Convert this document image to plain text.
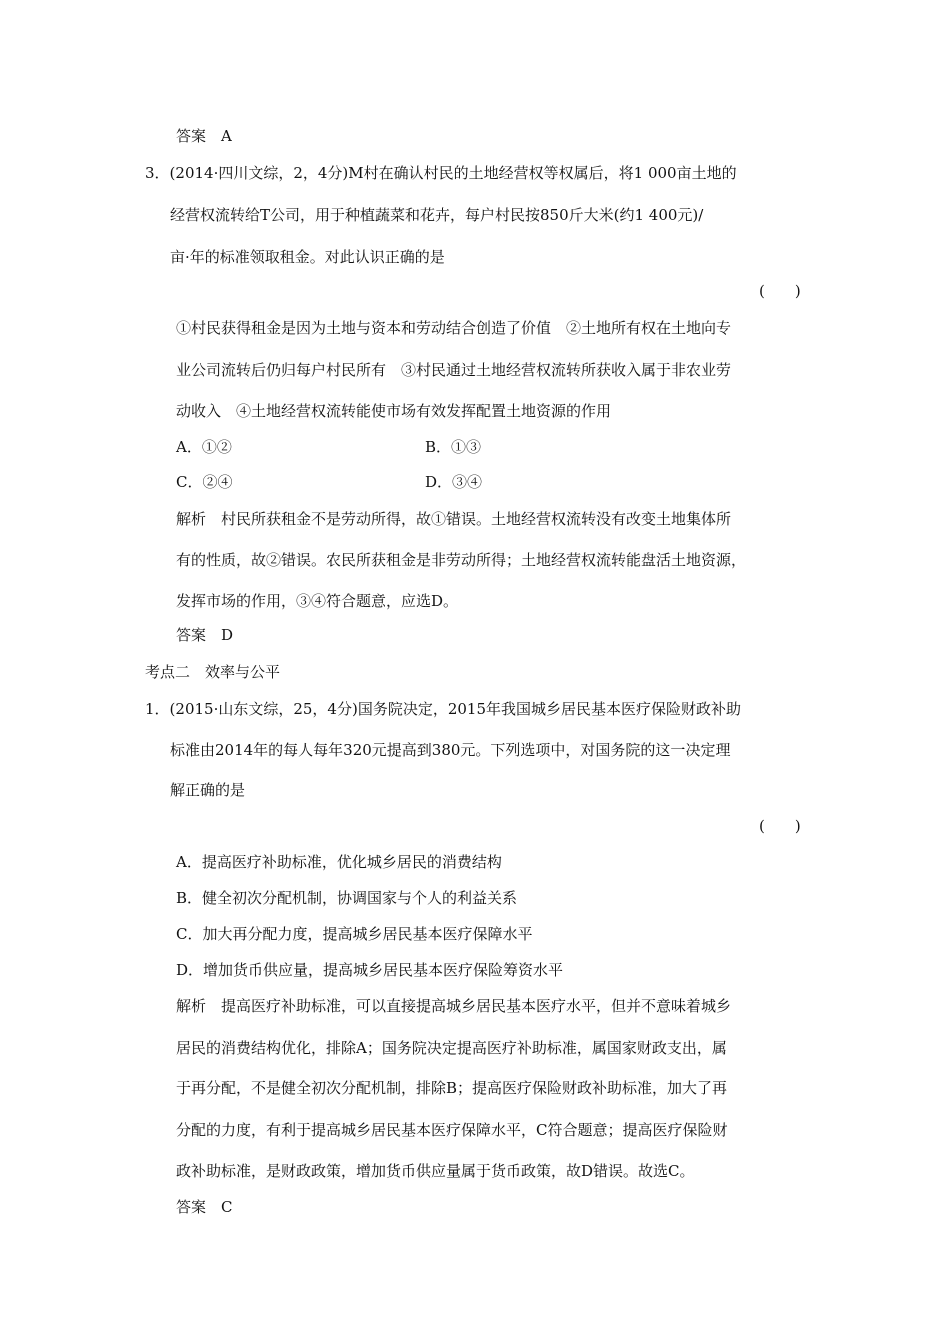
答案　A
3．(2014·四川文综，2，4分)M村在确认村民的土地经营权等权属后，将1 000亩土地的
经营权流转给T公司，用于种植蔬菜和花卉，每户村民按850斤大米(约1 400元)/
亩·年的标准领取租金。对此认识正确的是
(　　)
①村民获得租金是因为土地与资本和劳动结合创造了价值　②土地所有权在土地向专
业公司流转后仍归每户村民所有　③村民通过土地经营权流转所获收入属于非农业劳
动收入　④土地经营权流转能使市场有效发挥配置土地资源的作用
A．①②	B．①③
C．②④	D．③④
解析　村民所获租金不是劳动所得，故①错误。土地经营权流转没有改变土地集体所
有的性质，故②错误。农民所获租金是非劳动所得；土地经营权流转能盘活土地资源，
发挥市场的作用，③④符合题意，应选D。
答案　D
考点二　效率与公平
1．(2015·山东文综，25，4分)国务院决定，2015年我国城乡居民基本医疗保险财政补助
标准由2014年的每人每年320元提高到380元。下列选项中，对国务院的这一决定理
解正确的是
(　　)
A．提高医疗补助标准，优化城乡居民的消费结构
B．健全初次分配机制，协调国家与个人的利益关系
C．加大再分配力度，提高城乡居民基本医疗保障水平
D．增加货币供应量，提高城乡居民基本医疗保险筹资水平
解析　提高医疗补助标准，可以直接提高城乡居民基本医疗水平，但并不意味着城乡
居民的消费结构优化，排除A；国务院决定提高医疗补助标准，属国家财政支出，属
于再分配，不是健全初次分配机制，排除B；提高医疗保险财政补助标准，加大了再
分配的力度，有利于提高城乡居民基本医疗保障水平，C符合题意；提高医疗保险财
政补助标准，是财政政策，增加货币供应量属于货币政策，故D错误。故选C。
答案　C
